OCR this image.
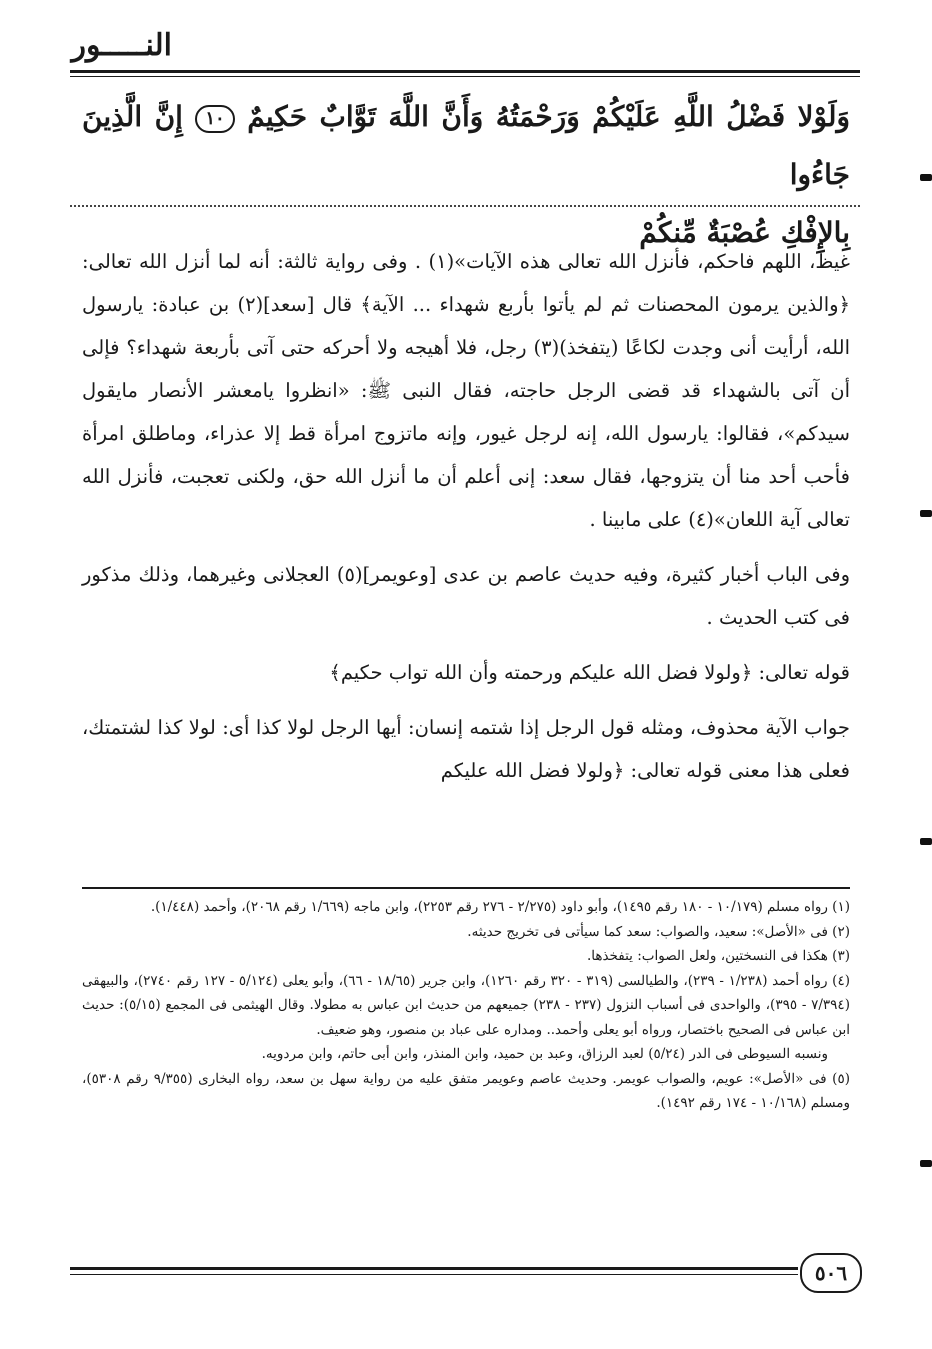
النـــــور
وَلَوْلا فَضْلُ اللَّهِ عَلَيْكُمْ وَرَحْمَتُهُ وَأَنَّ اللَّهَ تَوَّابٌ حَكِيمٌ ١٠ إِنَّ الَّذِينَ جَاءُوا
بِالإِفْكِ عُصْبَةٌ مِّنكُمْ

غيظ، اللهم فاحكم، فأنزل الله تعالى هذه الآيات»(١) . وفى رواية ثالثة: أنه لما أنزل الله تعالى: ﴿والذين يرمون المحصنات ثم لم يأتوا بأربع شهداء ... الآية﴾ قال [سعد](٢) بن عبادة: يارسول الله، أرأيت أنى وجدت لكاعًا (يتفخذ)(٣) رجل، فلا أهيجه ولا أحركه حتى آتى بأربعة شهداء؟ فإلى أن آتى بالشهداء قد قضى الرجل حاجته، فقال النبى ﷺ: «انظروا يامعشر الأنصار مايقول سيدكم»، فقالوا: يارسول الله، إنه لرجل غيور، وإنه ماتزوج امرأة قط إلا عذراء، وماطلق امرأة فأحب أحد منا أن يتزوجها، فقال سعد: إنى أعلم أن ما أنزل الله حق، ولكنى تعجبت، فأنزل الله تعالى آية اللعان»(٤) على مابينا .

وفى الباب أخبار كثيرة، وفيه حديث عاصم بن عدى [وعويمر](٥) العجلانى وغيرهما، وذلك مذكور فى كتب الحديث .

قوله تعالى: ﴿ولولا فضل الله عليكم ورحمته وأن الله تواب حكيم﴾

جواب الآية محذوف، ومثله قول الرجل إذا شتمه إنسان: أيها الرجل لولا كذا أى: لولا كذا لشتمتك، فعلى هذا معنى قوله تعالى: ﴿ولولا فضل الله عليكم

(١) رواه مسلم (١٠/١٧٩ - ١٨٠ رقم ١٤٩٥)، وأبو داود (٢/٢٧٥ - ٢٧٦ رقم ٢٢٥٣)، وابن ماجه (١/٦٦٩ رقم ٢٠٦٨)، وأحمد (١/٤٤٨).

(٢) فى «الأصل»: سعيد، والصواب: سعد كما سيأتى فى تخريج حديثه.

(٣) هكذا فى النسختين، ولعل الصواب: يتفخذها.

(٤) رواه أحمد (١/٢٣٨ - ٢٣٩)، والطيالسى (٣١٩ - ٣٢٠ رقم ١٢٦٠)، وابن جرير (١٨/٦٥ - ٦٦)، وأبو يعلى (٥/١٢٤ - ١٢٧ رقم ٢٧٤٠)، والبيهقى (٧/٣٩٤ - ٣٩٥)، والواحدى فى أسباب النزول (٢٣٧ - ٢٣٨) جميعهم من حديث ابن عباس به مطولا. وقال الهيثمى فى المجمع (٥/١٥): حديث ابن عباس فى الصحيح باختصار، ورواه أبو يعلى وأحمد.. ومداره على عباد بن منصور، وهو ضعيف.

ونسبه السيوطى فى الدر (٥/٢٤) لعبد الرزاق، وعبد بن حميد، وابن المنذر، وابن أبى حاتم، وابن مردويه.

(٥) فى «الأصل»: عويم، والصواب عويمر. وحديث عاصم وعويمر متفق عليه من رواية سهل بن سعد، رواه البخارى (٩/٣٥٥ رقم ٥٣٠٨)، ومسلم (١٠/١٦٨ - ١٧٤ رقم ١٤٩٢).

٥٠٦
